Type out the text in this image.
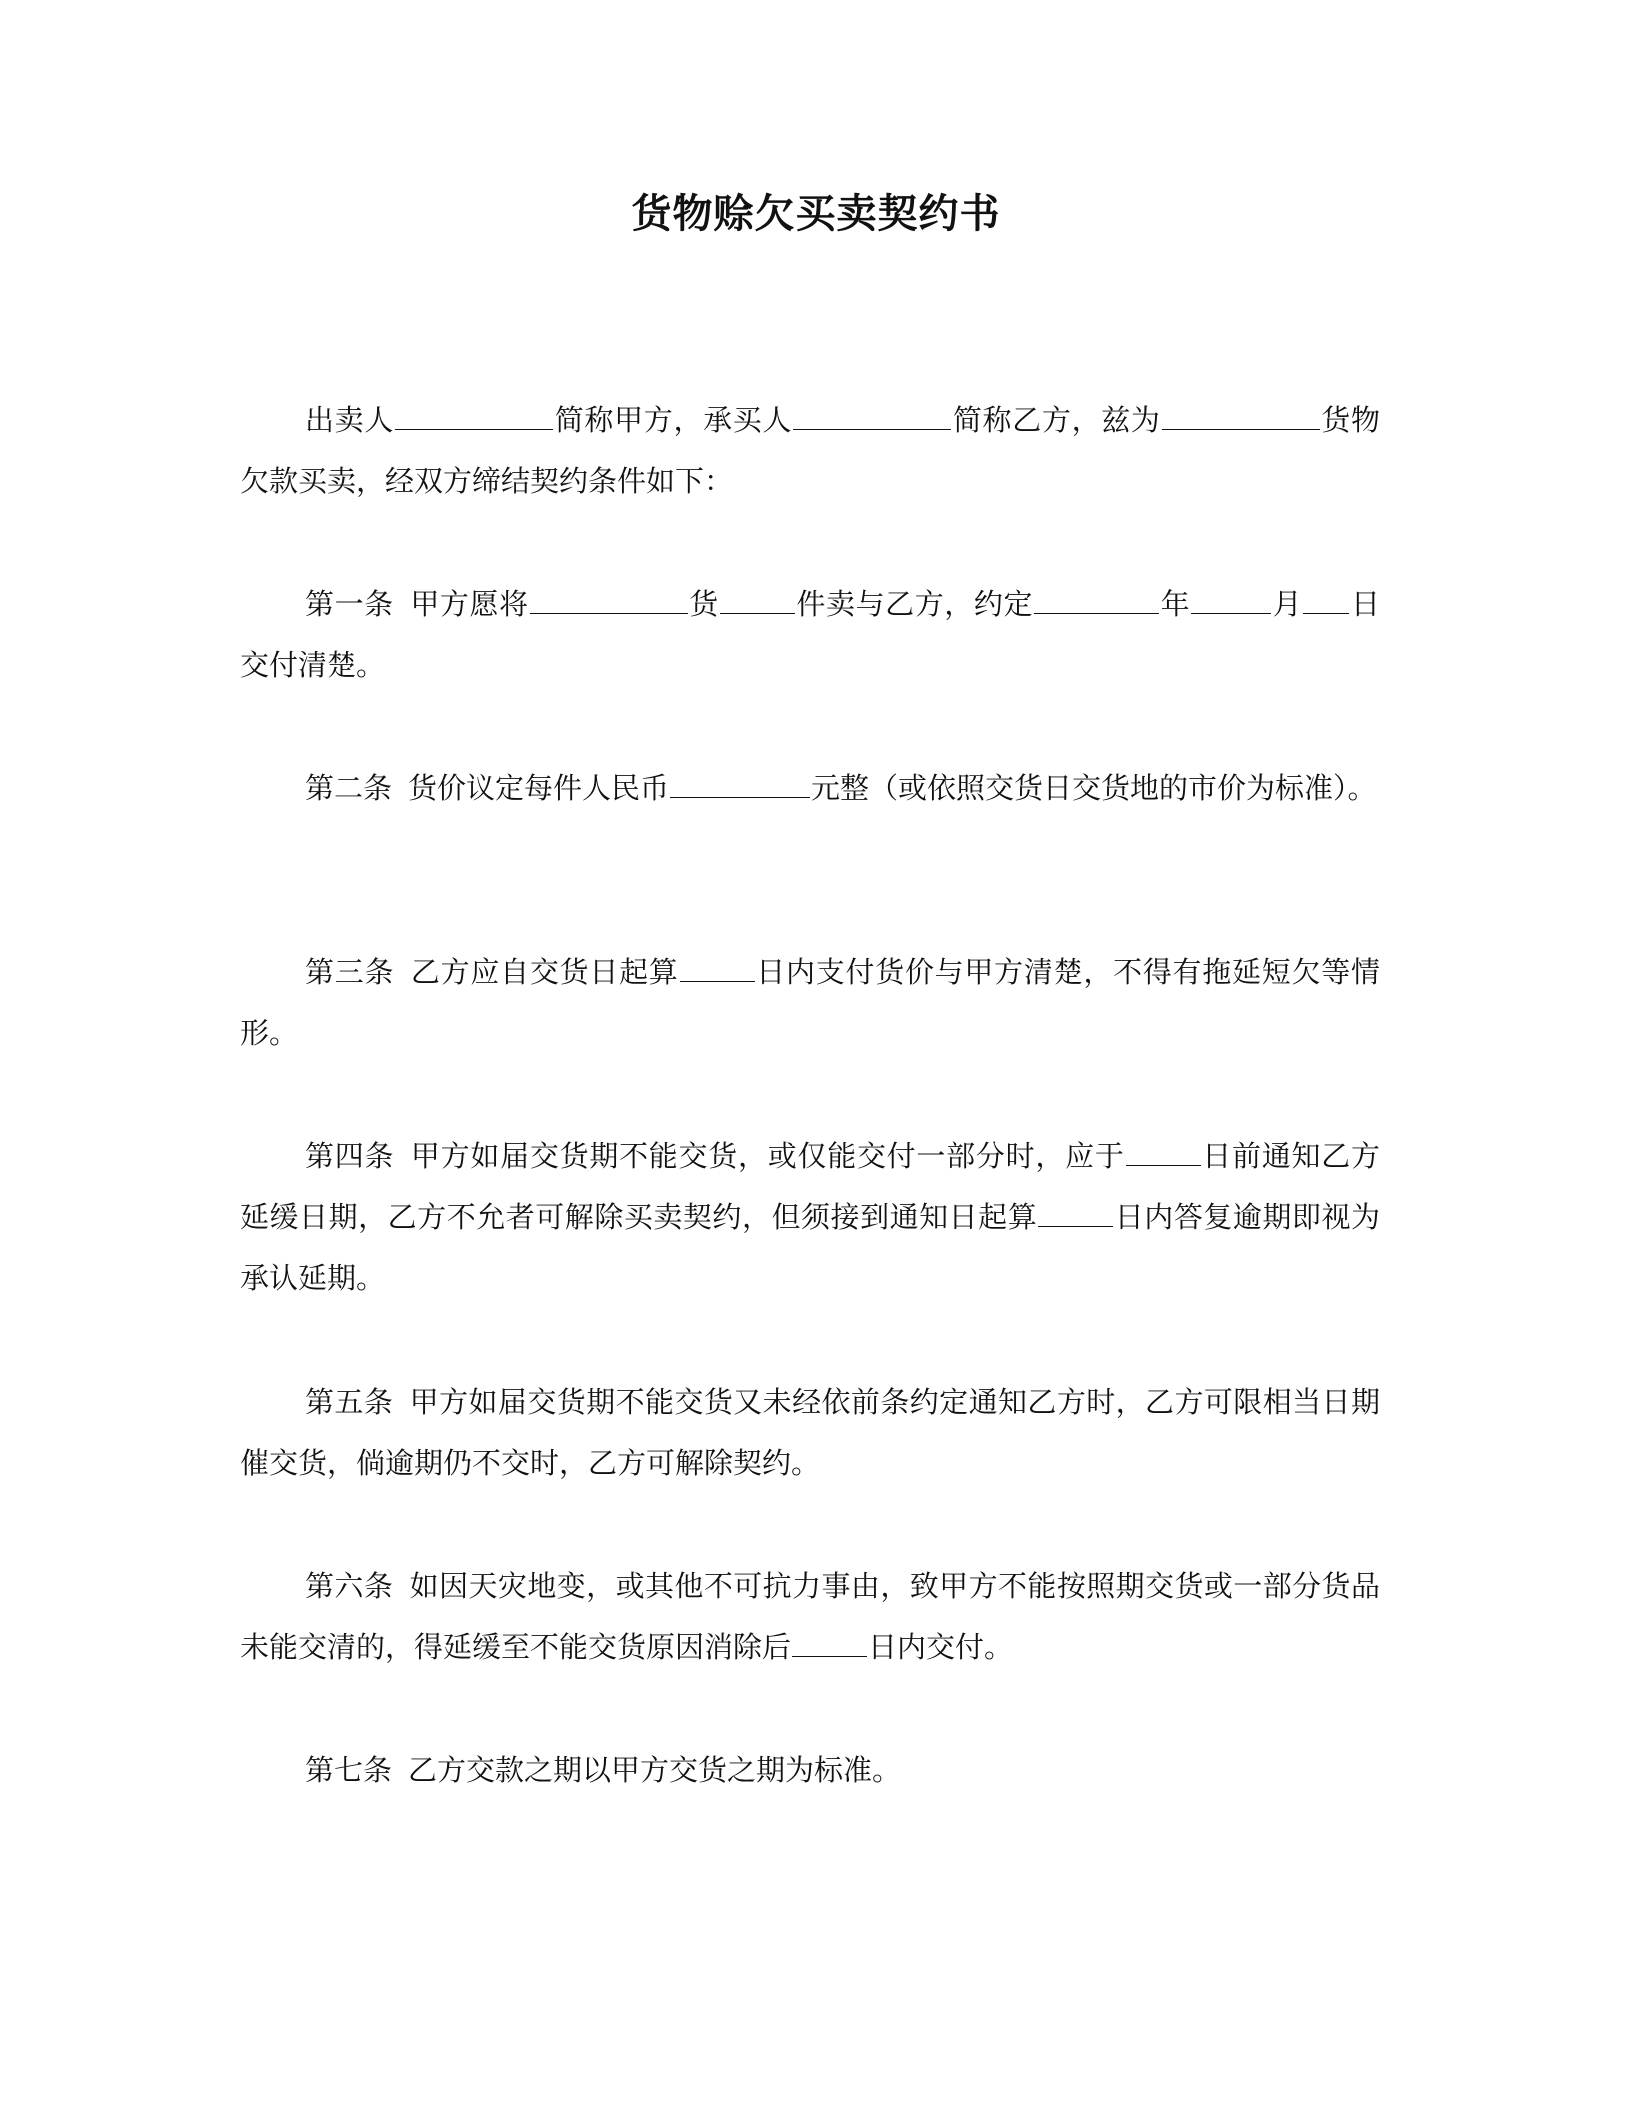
货物赊欠买卖契约书

出卖人	简称甲方，承买人	简称乙方，兹为	货物欠款买卖，经双方缔结契约条件如下：

第一条 甲方愿将	货	件卖与乙方，约定	年	月 日交付清楚。

第二条 货价议定每件人民币	元整（或依照交货日交货地的市价为标准）。

第三条 乙方应自交货日起算	日内支付货价与甲方清楚，不得有拖延短欠等情形。

第四条 甲方如届交货期不能交货，或仅能交付一部分时，应于	日前通知乙方延缓日期，乙方不允者可解除买卖契约，但须接到通知日起算	日内答复逾期即视为承认延期。

第五条 甲方如届交货期不能交货又未经依前条约定通知乙方时，乙方可限相当日期催交货，倘逾期仍不交时，乙方可解除契约。

第六条 如因天灾地变，或其他不可抗力事由，致甲方不能按照期交货或一部分货品未能交清的，得延缓至不能交货原因消除后	日内交付。

第七条 乙方交款之期以甲方交货之期为标准。
